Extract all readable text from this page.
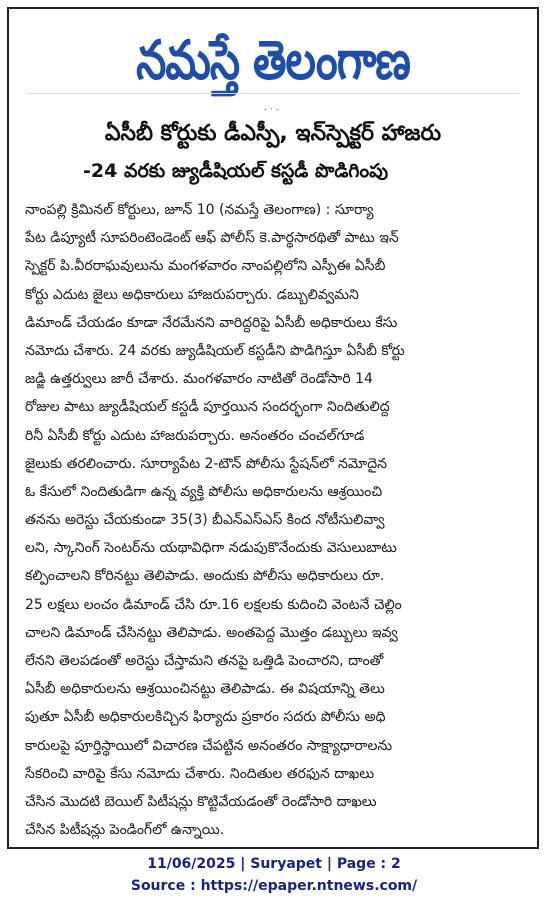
నమస్తే తెలంగాణ
‐ · ‐
ఏసీబీ కోర్టుకు డీఎస్పీ, ఇన్‌స్పెక్టర్ హాజరు
-24 వరకు జ్యుడీషియల్ కస్టడీ పొడిగింపు
నాంపల్లి క్రిమినల్ కోర్టులు, జూన్ 10 (నమస్తే తెలంగాణ) : సూర్యా
పేట డిప్యూటీ సూపరింటెండెంట్ ఆఫ్ పోలీస్ కె.పార్థసారథితో పాటు ఇన్
స్పెక్టర్ పి.వీరరాఘవులును మంగళవారం నాంపల్లిలోని ఎస్పీఈ ఏసీబీ
కోర్టు ఎదుట జైలు అధికారులు హాజరుపర్చారు. డబ్బులివ్వమని
డిమాండ్ చేయడం కూడా నేరమేనని వారిద్దరిపై ఏసీబీ అధికారులు కేసు
నమోదు చేశారు. 24 వరకు జ్యుడీషియల్ కస్టడీని పొడిగిస్తూ ఏసీబీ కోర్టు
జడ్జి ఉత్తర్వులు జారీ చేశారు. మంగళవారం నాటితో రెండోసారి 14
రోజుల పాటు జ్యుడీషియల్ కస్టడీ పూర్తయిన సందర్భంగా నిందితులిద్ద
రినీ ఏసీబీ కోర్టు ఎదుట హాజరుపర్చారు. అనంతరం చంచల్‌గూడ
జైలుకు తరలించారు. సూర్యాపేట 2-టౌన్ పోలీసు స్టేషన్‌లో నమోదైన
ఓ కేసులో నిందితుడిగా ఉన్న వ్యక్తి పోలీసు అధికారులను ఆశ్రయించి
తనను అరెస్టు చేయకుండా 35(3) బీఎన్‌ఎస్‌ఎస్ కింద నోటీసులివ్వా
లని, స్కానింగ్ సెంటర్‌ను యథావిధిగా నడుపుకొనేందుకు వెసులుబాటు
కల్పించాలని కోరినట్టు తెలిపాడు. అందుకు పోలీసు అధికారులు రూ.
25 లక్షలు లంచం డిమాండ్ చేసి రూ.16 లక్షలకు కుదించి వెంటనే చెల్లిం
చాలని డిమాండ్ చేసినట్టు తెలిపాడు. అంతపెద్ద మొత్తం డబ్బులు ఇవ్వ
లేనని తెలపడంతో అరెస్టు చేస్తామని తనపై ఒత్తిడి పెంచారని, దాంతో
ఏసీబీ అధికారులను ఆశ్రయించినట్టు తెలిపాడు. ఈ విషయాన్ని తెలు
పుతూ ఏసీబీ అధికారులకిచ్చిన ఫిర్యాదు ప్రకారం సదరు పోలీసు అధి
కారులపై పూర్తిస్థాయిలో విచారణ చేపట్టిన అనంతరం సాక్ష్యాధారాలను
సేకరించి వారిపై కేసు నమోదు చేశారు. నిందితుల తరఫున దాఖలు
చేసిన మొదటి బెయిల్ పిటీషన్లు కొట్టివేయడంతో రెండోసారి దాఖలు
చేసిన పిటీషన్లు పెండింగ్‌లో ఉన్నాయి.
11/06/2025 | Suryapet | Page : 2
Source : https://epaper.ntnews.com/
